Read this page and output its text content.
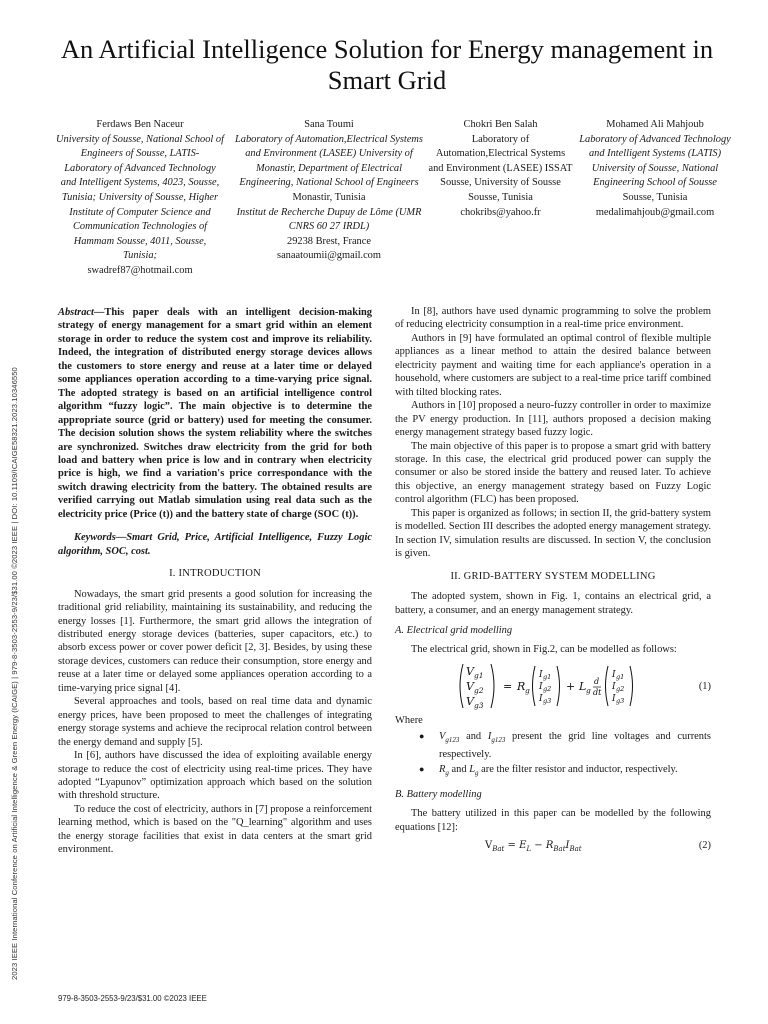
2023 IEEE International Conference on Artificial Intelligence & Green Energy (ICAIGE) | 979-8-3503-2553-9/23/$31.00 ©2023 IEEE | DOI: 10.1109/ICAIGE58321.2023.10346550
An Artificial Intelligence Solution for Energy management in Smart Grid
Ferdaws Ben Naceur
University of Sousse, National School of Engineers of Sousse, LATIS- Laboratory of Advanced Technology and Intelligent Systems, 4023, Sousse, Tunisia; University of Sousse, Higher Institute of Computer Science and Communication Technologies of Hammam Sousse, 4011, Sousse, Tunisia;
swadref87@hotmail.com
Sana Toumi
Laboratory of Automation,Electrical Systems and Environment (LASEE) University of Monastir, Department of Electrical Engineering, National School of Engineers
Monastir, Tunisia
Institut de Recherche Dupuy de Lôme (UMR CNRS 60 27 IRDL)
29238 Brest, France
sanaatoumii@gmail.com
Chokri Ben Salah
Laboratory of Automation,Electrical Systems and Environment (LASEE) ISSAT Sousse, University of Sousse
Sousse, Tunisia
chokribs@yahoo.fr
Mohamed Ali Mahjoub
Laboratory of Advanced Technology and Intelligent Systems (LATIS)
University of Sousse, National Engineering School of Sousse
Sousse, Tunisia
medalimahjoub@gmail.com

Abstract—This paper deals with an intelligent decision-making strategy of energy management for a smart grid within an element storage in order to reduce the system cost and improve its reliability. Indeed, the integration of distributed energy storage devices allows the customers to store energy and reuse at a later time or delayed some appliances operation according to a time-varying price signal. The adopted strategy is based on an artificial intelligence control algorithm “fuzzy logic”. The main objective is to determine the appropriate source (grid or battery) used for meeting the consumer. The decision solution shows the system reliability where the switches are synchronized. Switches draw electricity from the grid for both load and battery when price is low and in contrary when electricity price is high, we find a variation's price correspondance with the switch drawing electricity from the battery. The obtained results are verified carrying out Matlab simulation using real data such as the electricity price (Price (t)) and the battery state of charge (SOC (t)).

Keywords—Smart Grid, Price, Artificial Intelligence, Fuzzy Logic algorithm, SOC, cost.

I. INTRODUCTION

Nowadays, the smart grid presents a good solution for increasing the traditional grid reliability, maintaining its sustainability, and reducing the energy losses [1]. Furthermore, the smart grid allows the integration of distributed energy storage devices (batteries, super capacitors, etc.) to absorb excess power or cover power deficit [2, 3]. Besides, by using these storage devices, customers can reduce their consumption, store energy and reuse at a later time or delayed some appliances operation according to a time-varying price signal [4].

Several approaches and tools, based on real time data and dynamic energy prices, have been proposed to meet the challenges of integrating energy storage systems and achieve the reciprocal relation control between the energy demand and supply [5].

In [6], authors have discussed the idea of exploiting available energy storage to reduce the cost of electricity using real-time prices. They have adopted “Lyapunov” optimization approach which based on the solution with threshold structure.

To reduce the cost of electricity, authors in [7] propose a reinforcement learning method, which is based on the "Q_learning" algorithm and uses the energy storage facilities that exist in data centers at the smart grid environment.

In [8], authors have used dynamic programming to solve the problem of reducing electricity consumption in a real-time price environment.

Authors in [9] have formulated an optimal control of flexible multiple appliances as a linear method to attain the desired balance between electricity payment and waiting time for each appliance's operation in a household, where customers are subject to a real-time price tariff combined with tilted blocking rates.

Authors in [10] proposed a neuro-fuzzy controller in order to maximize the PV energy production. In [11], authors proposed a decision making energy management strategy based fuzzy logic.

The main objective of this paper is to propose a smart grid with battery storage. In this case, the electrical grid produced power can supply the consumer or also be stored inside the battery and reused later. To achieve this objective, an energy management strategy based on Fuzzy Logic control algorithm (FLC) has been proposed.

This paper is organized as follows; in section II, the grid-battery system is modelled. Section III describes the adopted energy management strategy. In section IV, simulation results are discussed. In section V, the conclusion is given.

II. GRID-BATTERY SYSTEM MODELLING

The adopted system, shown in Fig. 1, contains an electrical grid, a battery, a consumer, and an energy management strategy.

A. Electrical grid modelling

The electrical grid, shown in Fig.2, can be modelled as follows:

V g1
V g2
V g3
= R g
I g1
I g2
I g3
+ L g
d
dt
I g1
I g2
I g3
(1)

Where

● $V_{g123}$ and $I_{g123}$ present the grid line voltages and currents respectively.
● $R_g$ and $L_g$ are the filter resistor and inductor, respectively.

B. Battery modelling

The battery utilized in this paper can be modelled by the following equations [12]:

$V_{Bat} = E_L - R_{Bat}I_{Bat}$	(2)
979-8-3503-2553-9/23/$31.00 ©2023 IEEE
